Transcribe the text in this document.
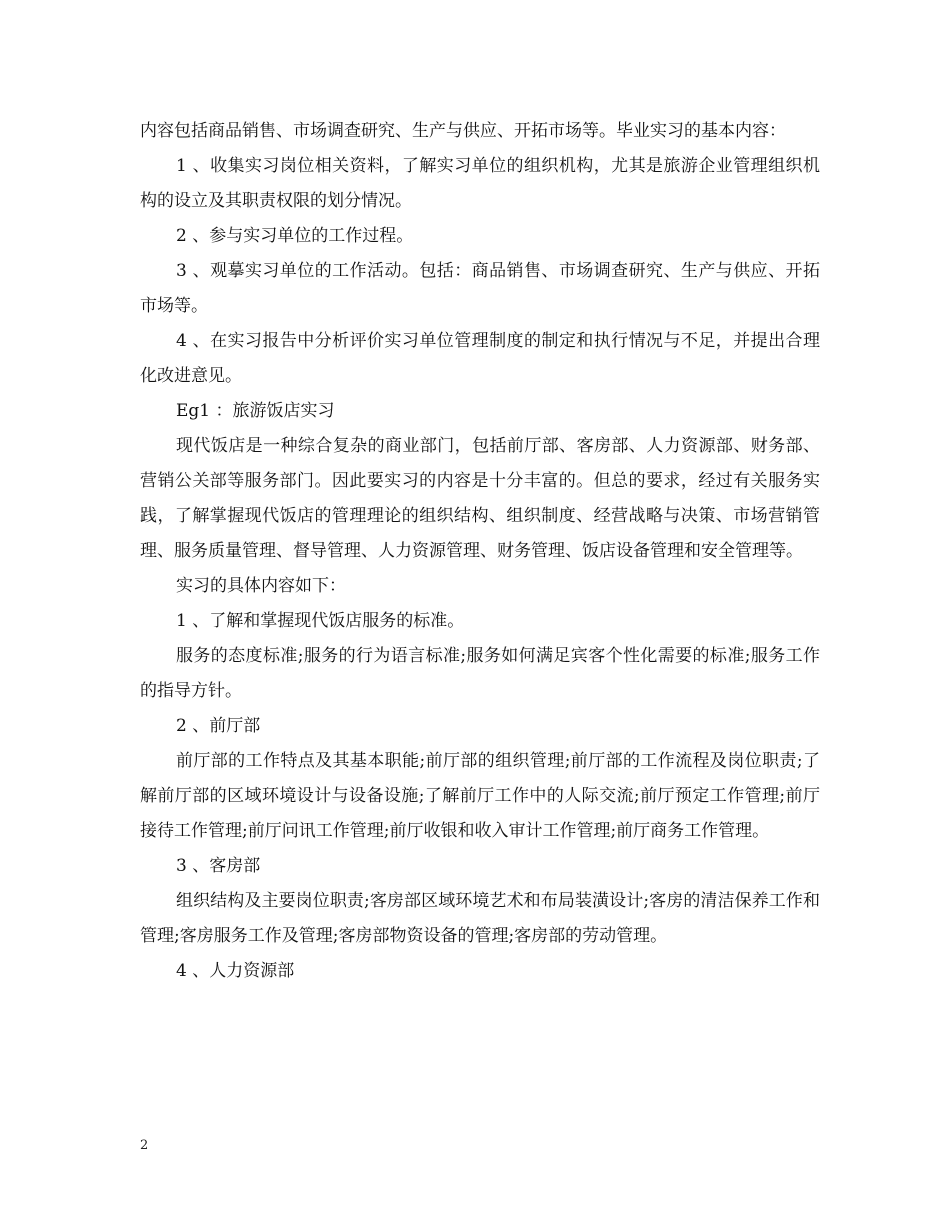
内容包括商品销售、市场调查研究、生产与供应、开拓市场等。毕业实习的基本内容：

1 、收集实习岗位相关资料，了解实习单位的组织机构，尤其是旅游企业管理组织机构的设立及其职责权限的划分情况。

2 、参与实习单位的工作过程。

3 、观摹实习单位的工作活动。包括：商品销售、市场调查研究、生产与供应、开拓市场等。

4 、在实习报告中分析评价实习单位管理制度的制定和执行情况与不足，并提出合理化改进意见。

Eg1 ：旅游饭店实习

现代饭店是一种综合复杂的商业部门，包括前厅部、客房部、人力资源部、财务部、营销公关部等服务部门。因此要实习的内容是十分丰富的。但总的要求，经过有关服务实践，了解掌握现代饭店的管理理论的组织结构、组织制度、经营战略与决策、市场营销管理、服务质量管理、督导管理、人力资源管理、财务管理、饭店设备管理和安全管理等。

实习的具体内容如下：

1 、了解和掌握现代饭店服务的标准。

服务的态度标准;服务的行为语言标准;服务如何满足宾客个性化需要的标准;服务工作的指导方针。

2 、前厅部

前厅部的工作特点及其基本职能;前厅部的组织管理;前厅部的工作流程及岗位职责;了解前厅部的区域环境设计与设备设施;了解前厅工作中的人际交流;前厅预定工作管理;前厅接待工作管理;前厅问讯工作管理;前厅收银和收入审计工作管理;前厅商务工作管理。

3 、客房部

组织结构及主要岗位职责;客房部区域环境艺术和布局装潢设计;客房的清洁保养工作和管理;客房服务工作及管理;客房部物资设备的管理;客房部的劳动管理。

4 、人力资源部

2
